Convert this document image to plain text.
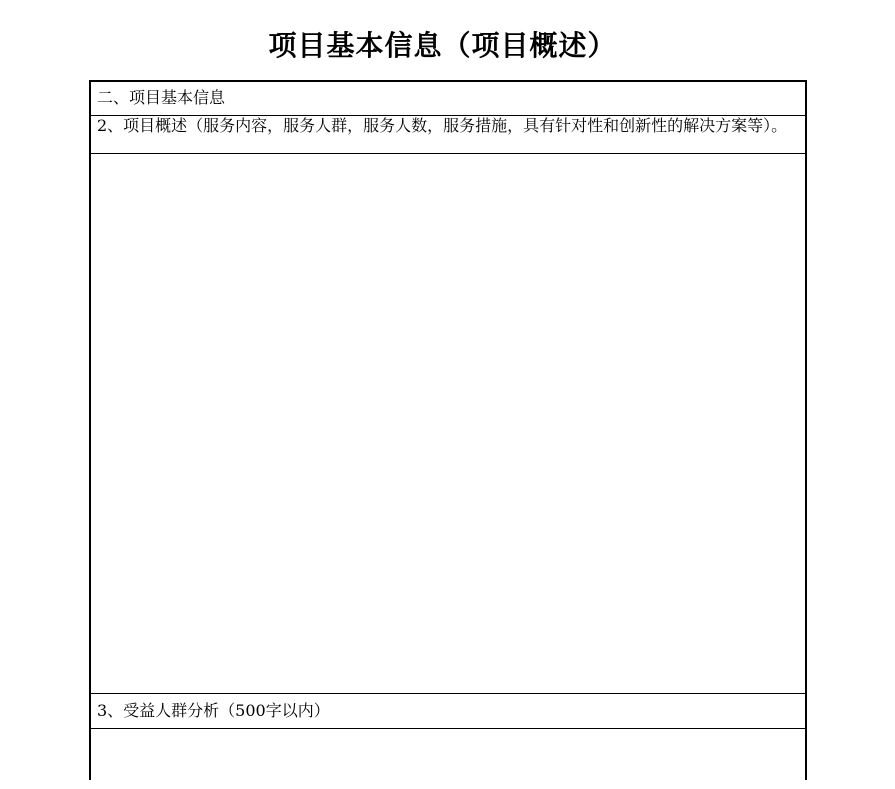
项目基本信息（项目概述）
二、项目基本信息
2、项目概述（服务内容，服务人群，服务人数，服务措施，具有针对性和创新性的解决方案等）。
3、受益人群分析（500字以内）
